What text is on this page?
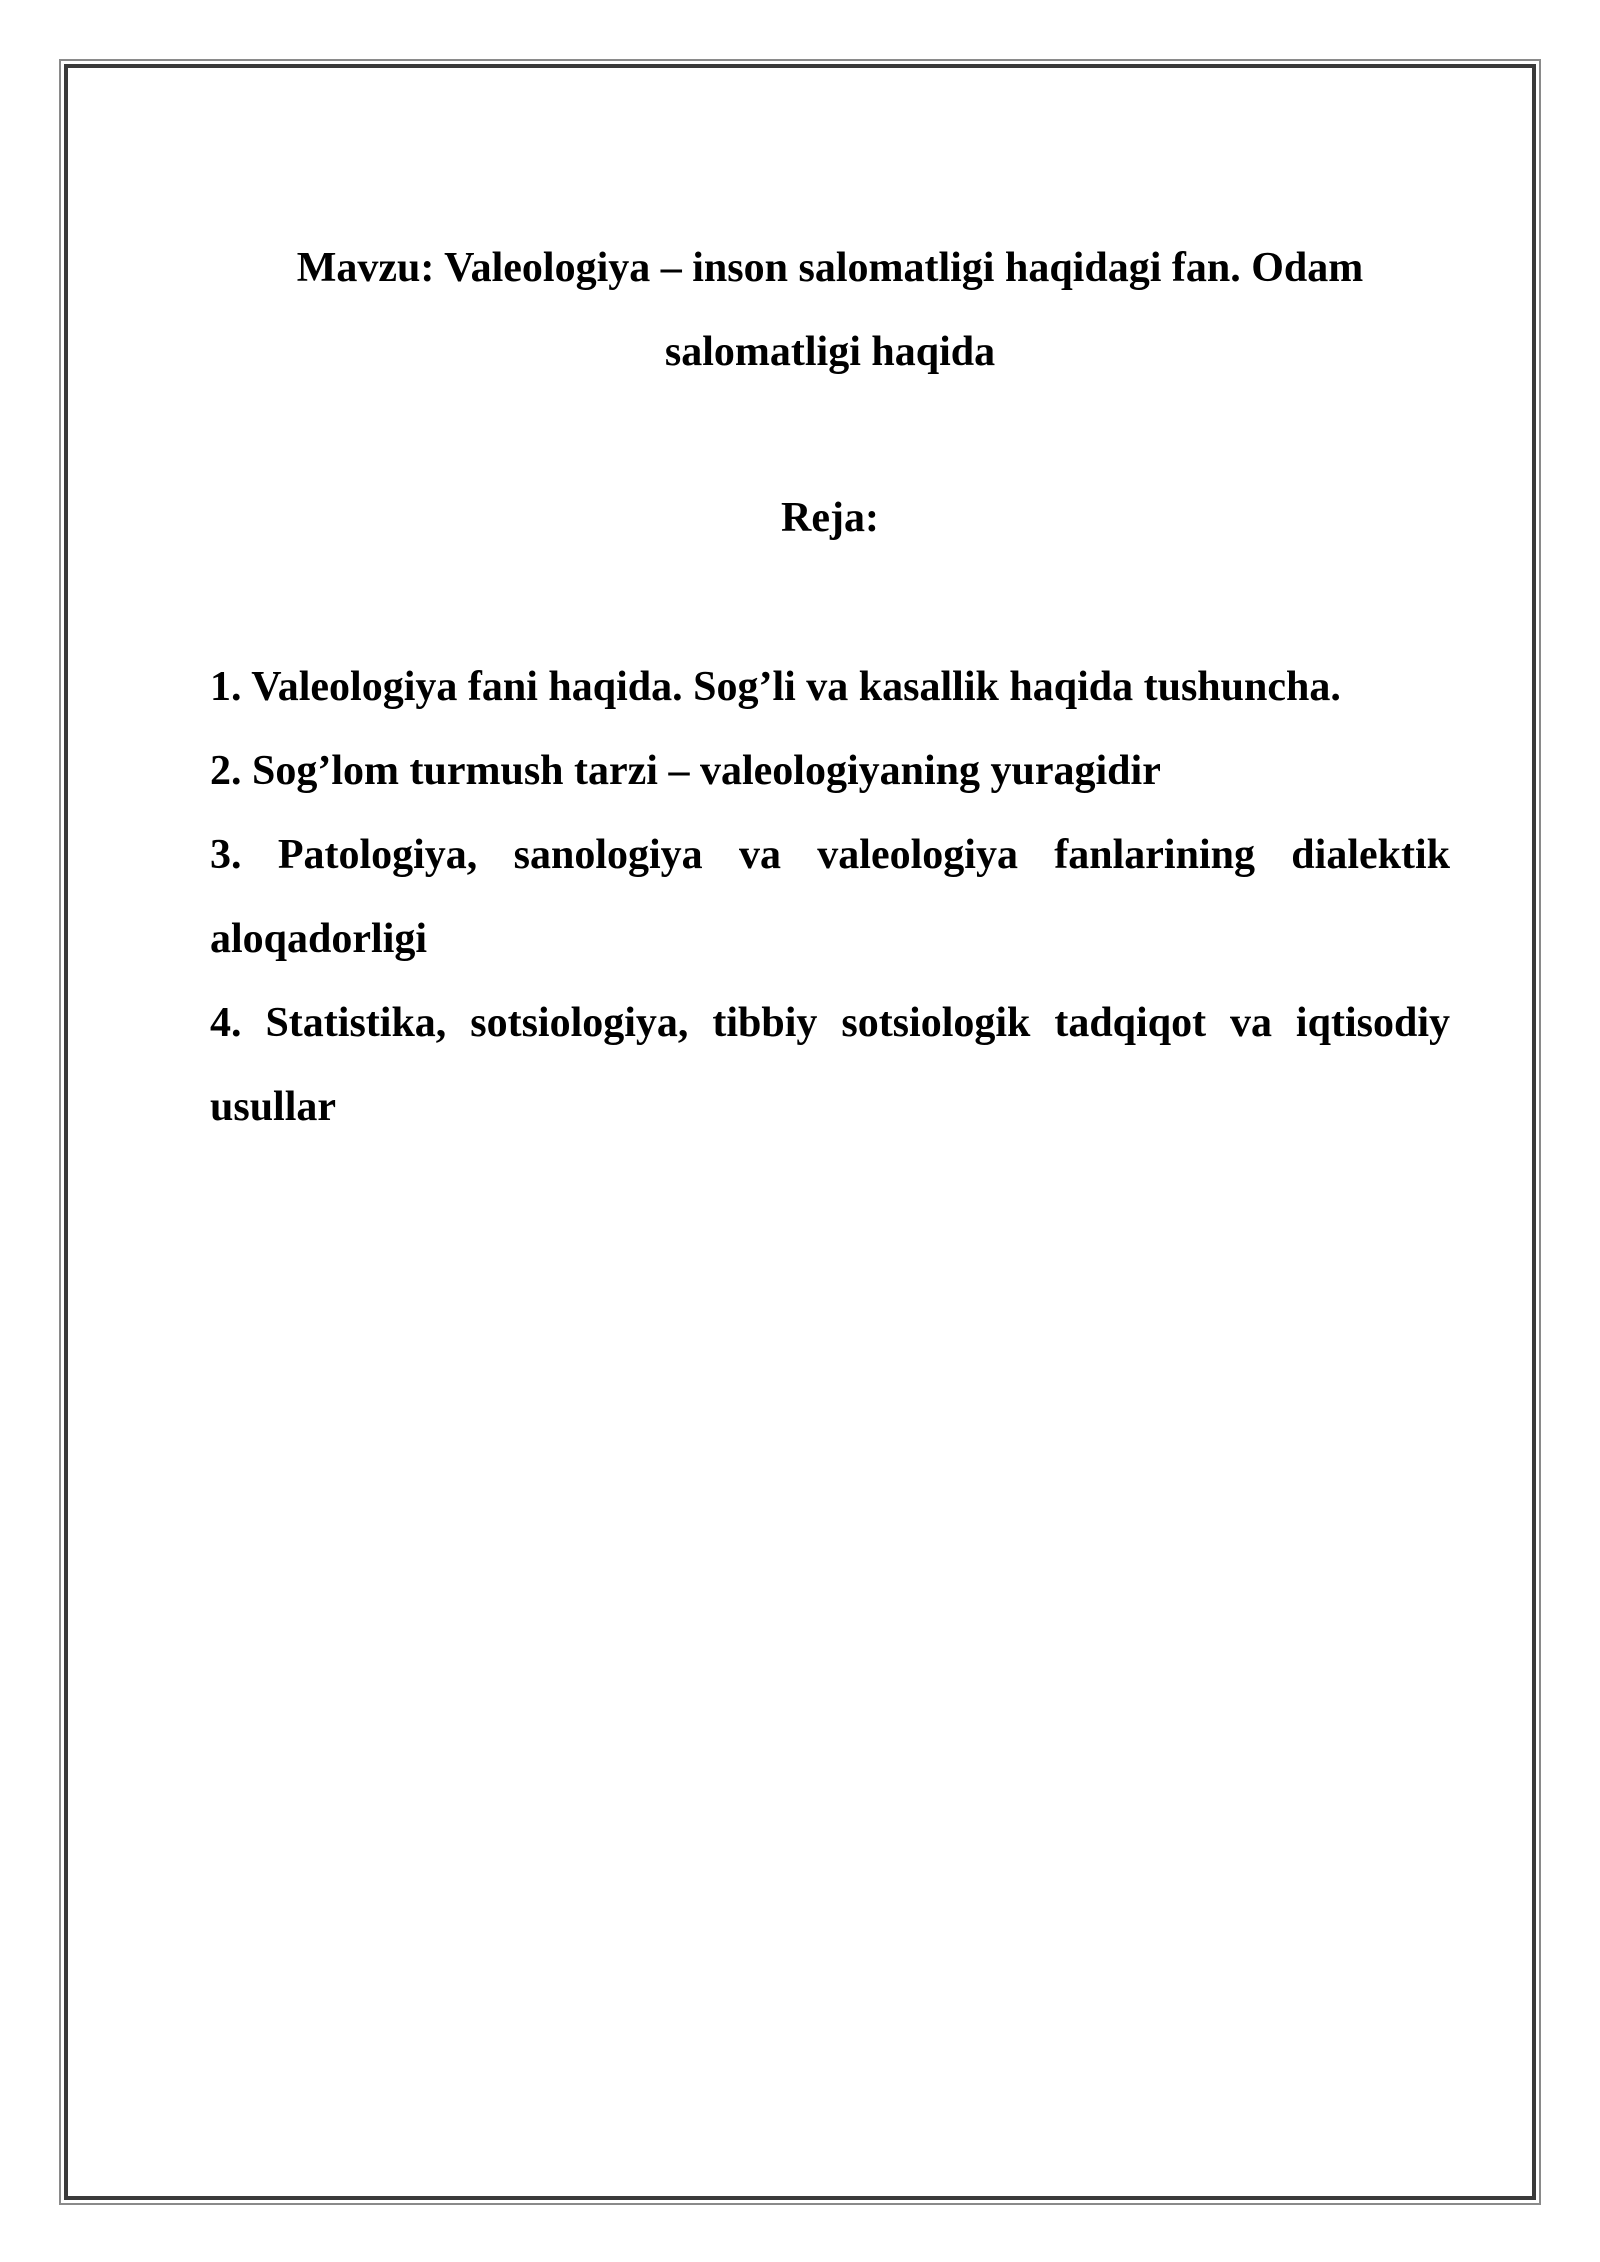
Mavzu: Valeologiya – inson salomatligi haqidagi fan. Odam salomatligi haqida
Reja:
1. Valeologiya fani haqida. Sog’li va kasallik haqida tushuncha.
2. Sog’lom turmush tarzi – valeologiyaning yuragidir
3. Patologiya, sanologiya va valeologiya fanlarining dialektik aloqadorligi
4. Statistika, sotsiologiya, tibbiy sotsiologik tadqiqot va iqtisodiy usullar
